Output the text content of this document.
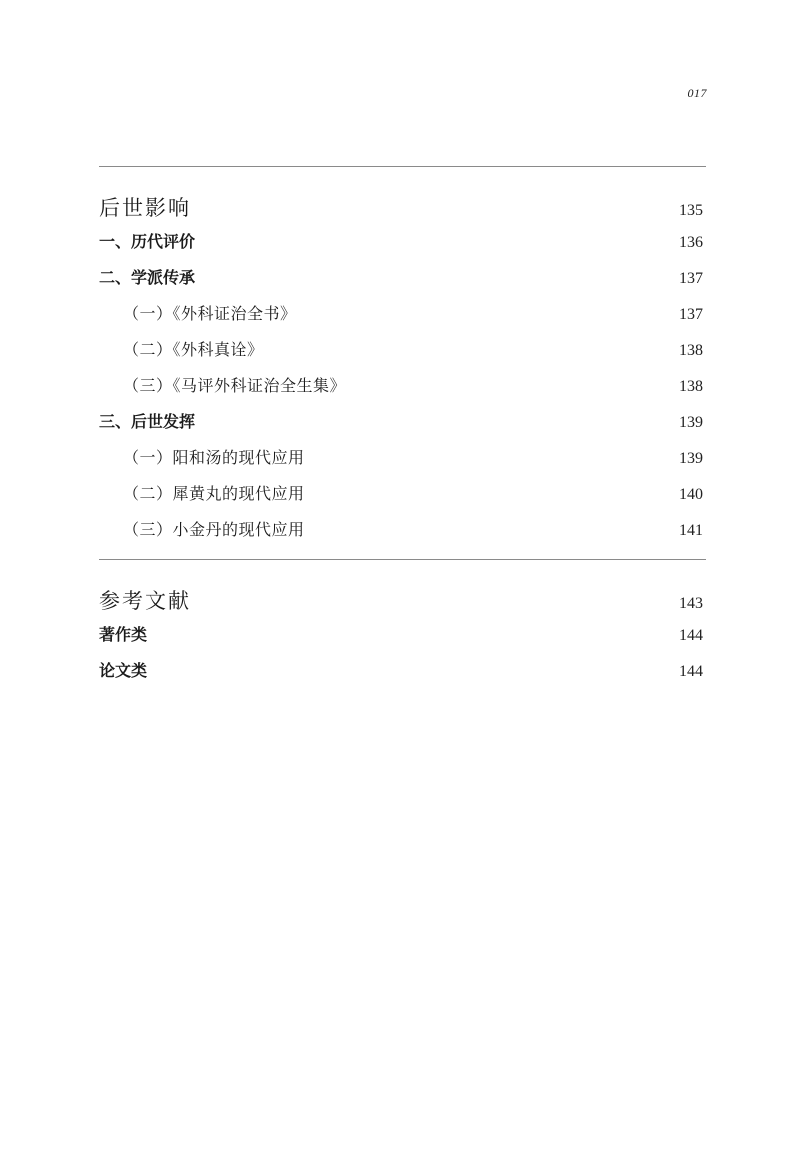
017
后世影响	135
一、历代评价	136
二、学派传承	137
（一）《外科证治全书》	137
（二）《外科真诠》	138
（三）《马评外科证治全生集》	138
三、后世发挥	139
（一）阳和汤的现代应用	139
（二）犀黄丸的现代应用	140
（三）小金丹的现代应用	141
参考文献	143
著作类	144
论文类	144
